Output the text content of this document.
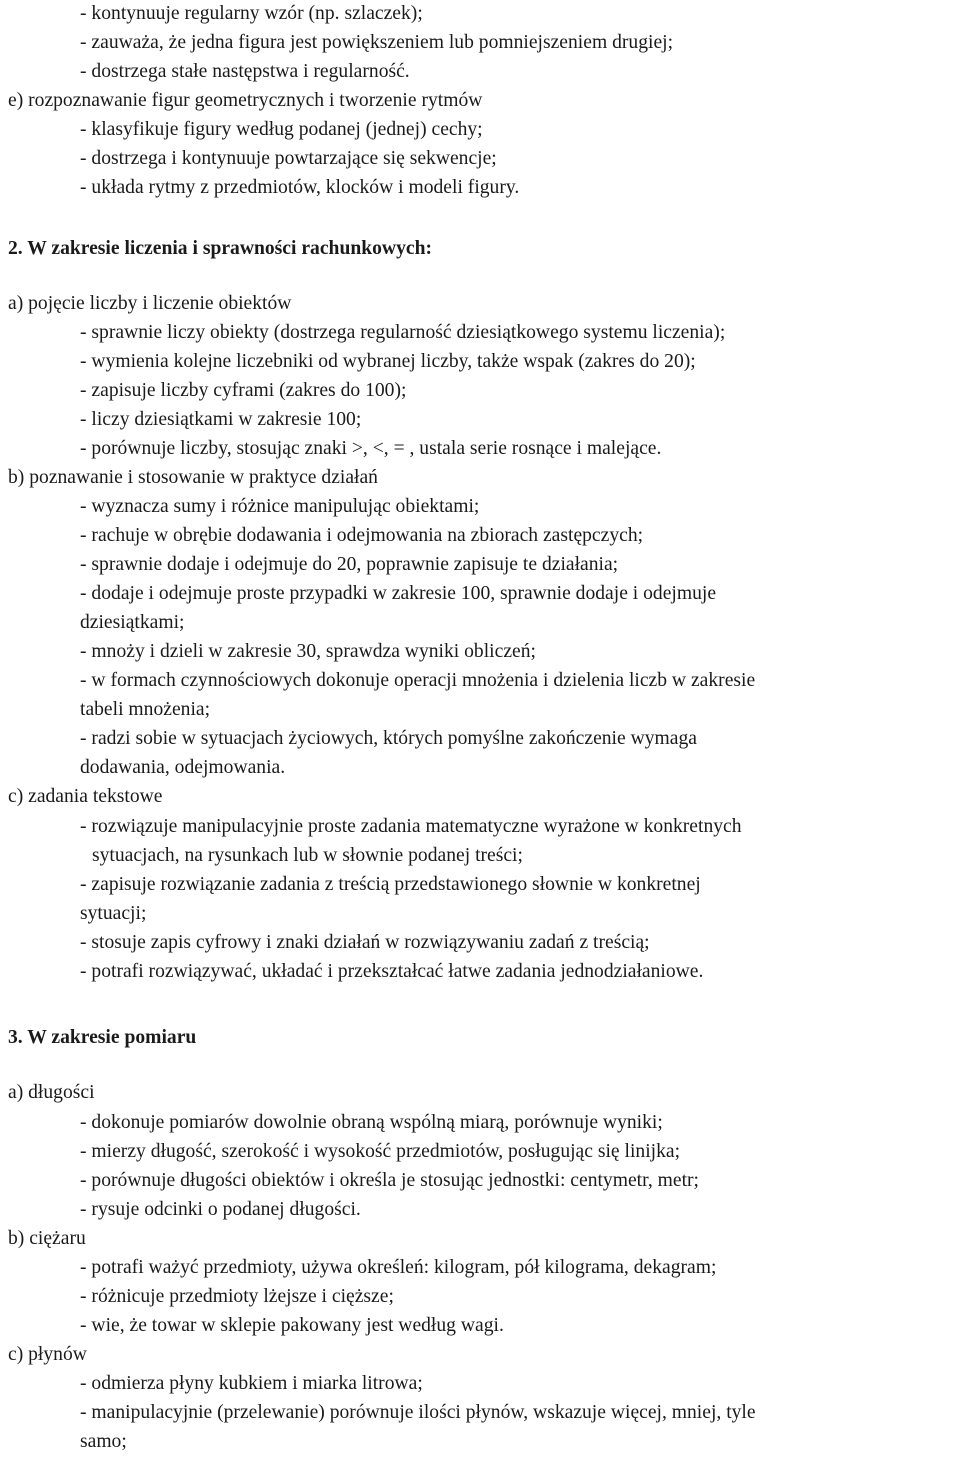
- kontynuuje regularny wzór (np. szlaczek);
- zauważa, że jedna figura jest powiększeniem lub pomniejszeniem drugiej;
- dostrzega stałe następstwa i regularność.
e) rozpoznawanie figur geometrycznych i tworzenie rytmów
- klasyfikuje figury według podanej (jednej) cechy;
- dostrzega i kontynuuje powtarzające się sekwencje;
- układa rytmy z przedmiotów, klocków i modeli figury.
2. W zakresie liczenia i sprawności rachunkowych:
a) pojęcie liczby i liczenie obiektów
- sprawnie liczy obiekty (dostrzega regularność dziesiątkowego systemu liczenia);
- wymienia kolejne liczebniki od wybranej liczby, także wspak (zakres do 20);
- zapisuje liczby cyframi (zakres do 100);
- liczy dziesiątkami w zakresie 100;
- porównuje liczby, stosując znaki >, <, = , ustala serie rosnące i malejące.
b) poznawanie i stosowanie w praktyce działań
- wyznacza sumy i różnice manipulując obiektami;
- rachuje w obrębie dodawania i odejmowania na zbiorach zastępczych;
- sprawnie dodaje i odejmuje do 20, poprawnie zapisuje te działania;
- dodaje i odejmuje proste przypadki w zakresie 100, sprawnie dodaje i odejmuje
dziesiątkami;
- mnoży i dzieli w zakresie 30, sprawdza wyniki obliczeń;
- w formach czynnościowych dokonuje operacji mnożenia i dzielenia liczb w zakresie
tabeli mnożenia;
- radzi sobie w sytuacjach życiowych, których pomyślne zakończenie wymaga
dodawania, odejmowania.
c) zadania tekstowe
- rozwiązuje manipulacyjnie proste zadania matematyczne wyrażone w konkretnych
sytuacjach, na rysunkach lub w słownie podanej treści;
- zapisuje rozwiązanie zadania z treścią przedstawionego słownie w konkretnej
sytuacji;
- stosuje zapis cyfrowy i znaki działań w rozwiązywaniu zadań z treścią;
- potrafi rozwiązywać, układać i przekształcać łatwe zadania jednodziałaniowe.
3. W zakresie pomiaru
a) długości
- dokonuje pomiarów dowolnie obraną wspólną miarą, porównuje wyniki;
- mierzy długość, szerokość i wysokość przedmiotów, posługując się linijka;
- porównuje długości obiektów i określa je stosując jednostki: centymetr, metr;
- rysuje odcinki o podanej długości.
b) ciężaru
- potrafi ważyć przedmioty, używa określeń: kilogram, pół kilograma, dekagram;
- różnicuje przedmioty lżejsze i cięższe;
- wie, że towar w sklepie pakowany jest według wagi.
c) płynów
- odmierza płyny kubkiem i miarka litrowa;
- manipulacyjnie (przelewanie) porównuje ilości płynów, wskazuje więcej, mniej, tyle
samo;
